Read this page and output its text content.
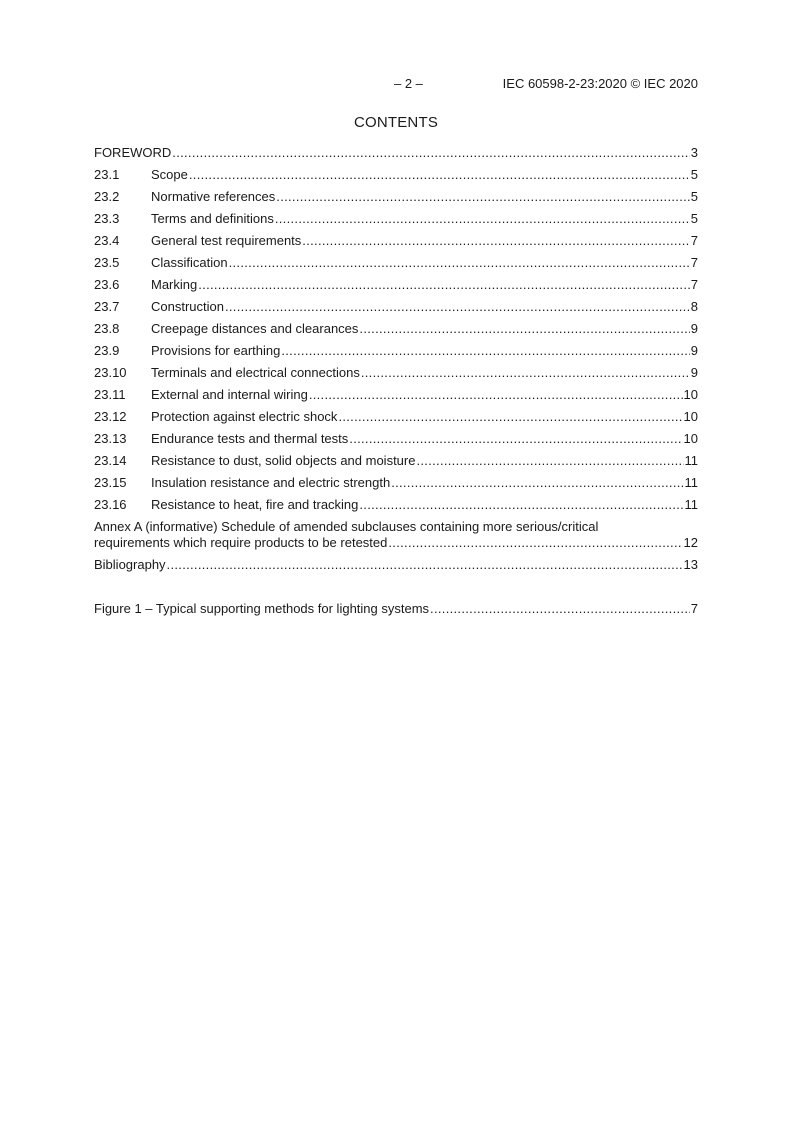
– 2 –	IEC 60598-2-23:2020 © IEC 2020
CONTENTS
FOREWORD .....	3
23.1	Scope .....	5
23.2	Normative references .....	5
23.3	Terms and definitions .....	5
23.4	General test requirements .....	7
23.5	Classification .....	7
23.6	Marking .....	7
23.7	Construction .....	8
23.8	Creepage distances and clearances .....	9
23.9	Provisions for earthing .....	9
23.10	Terminals and electrical connections .....	9
23.11	External and internal wiring .....	10
23.12	Protection against electric shock .....	10
23.13	Endurance tests and thermal tests .....	10
23.14	Resistance to dust, solid objects and moisture .....	11
23.15	Insulation resistance and electric strength .....	11
23.16	Resistance to heat, fire and tracking .....	11
Annex A (informative) Schedule of amended subclauses containing more serious/critical
requirements which require products to be retested .....	12
Bibliography .....	13
Figure 1 – Typical supporting methods for lighting systems .....	7
